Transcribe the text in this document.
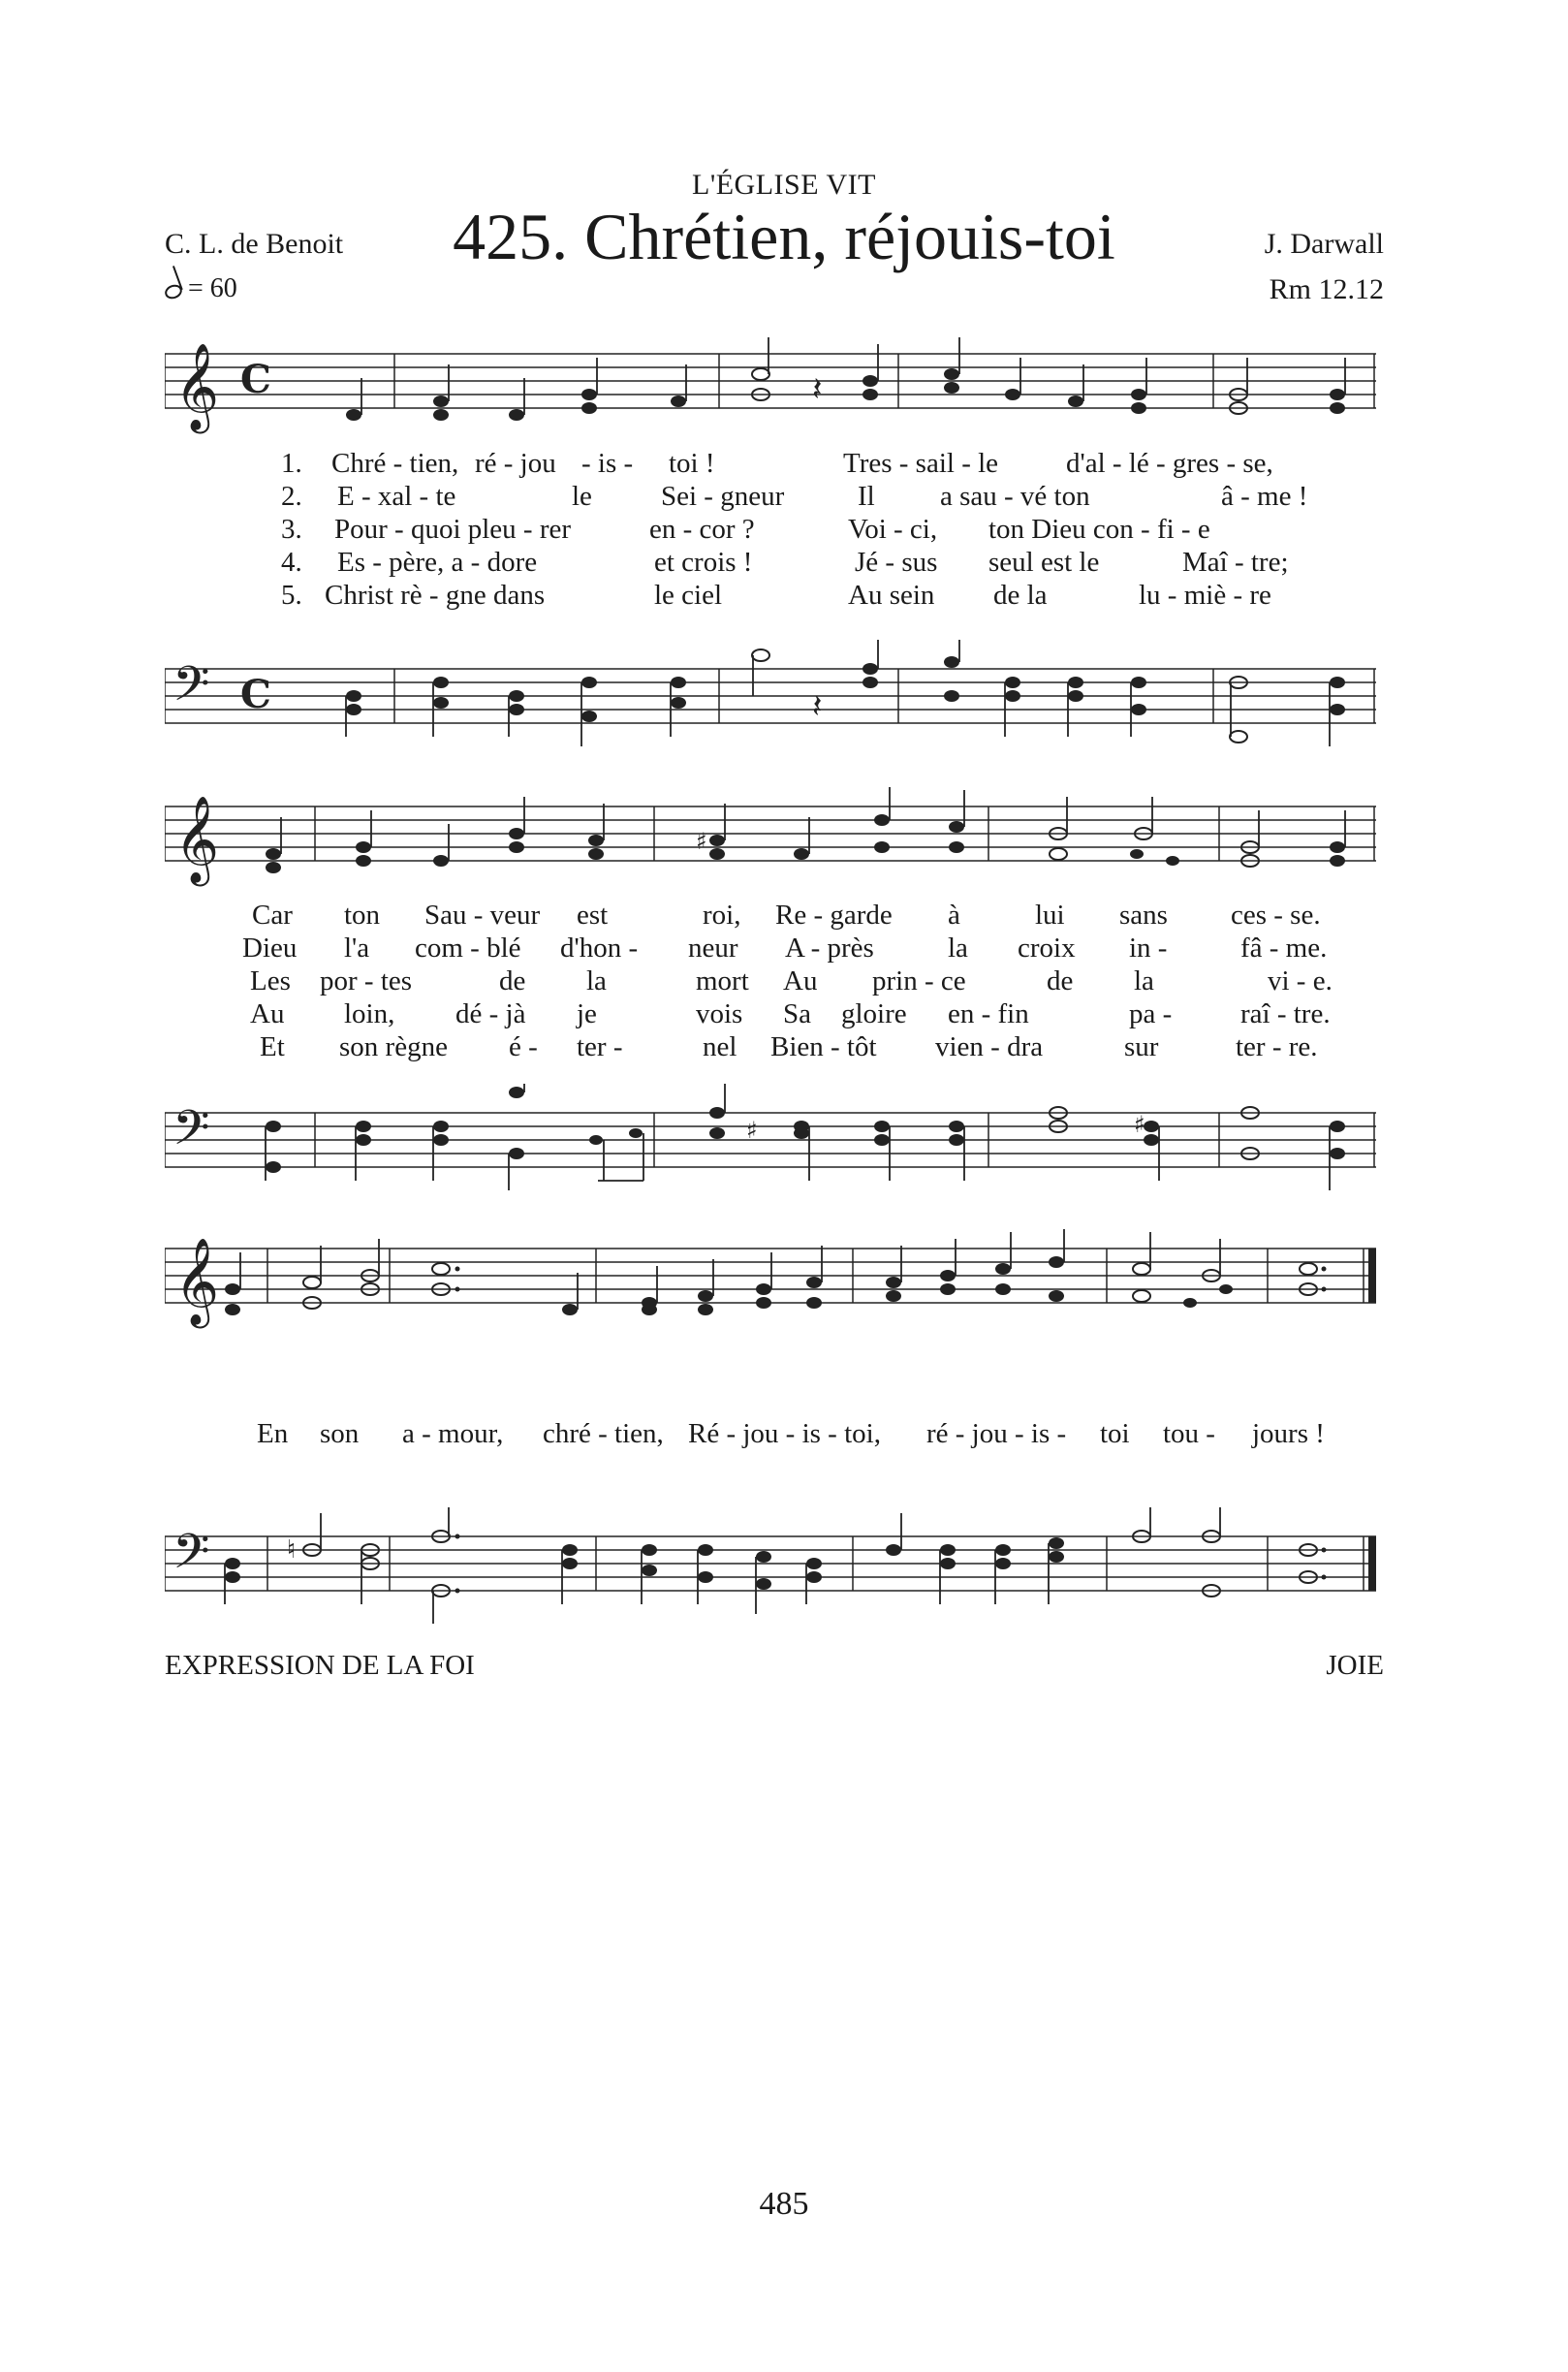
L'ÉGLISE VIT
C. L. de Benoit	425. Chrétien, réjouis-toi	J. Darwall
Rm 12.12
= 60
𝄞 C	𝄽
1. Chré - tien, ré - jou - is - toi !	Tres - sail - le d'al - lé - gres - se,
2. E - xal - te	le Sei - gneur	Il a sau - vé ton	â - me !
3. Pour - quoi pleu - rer	en - cor ?	Voi - ci, ton Dieu con - fi - e
4. Es - père, a - dore	et crois !	Jé - sus seul est le	Maî - tre;
5. Christ rè - gne dans	le ciel	Au sein de la	lu - miè - re
𝄢 C	𝄽
𝄞	♯
Car ton Sau - veur est	roi, Re - garde à	lui sans ces - se.
Dieu l'a com - blé d'hon - neur A - près	la croix in -	fâ - me.
Les por - tes	de la	mort Au prin - ce	de la	vi - e.
Au loin, dé - jà je	vois Sa gloire en - fin	pa - raî - tre.
Et son règne é - ter -	nel Bien - tôt vien - dra	sur	ter - re.
𝄢	♯	♯
𝄞
En son a - mour, chré - tien, Ré - jou - is - toi, ré - jou - is - toi tou - jours !
𝄢	♮
EXPRESSION DE LA FOI	JOIE
485
